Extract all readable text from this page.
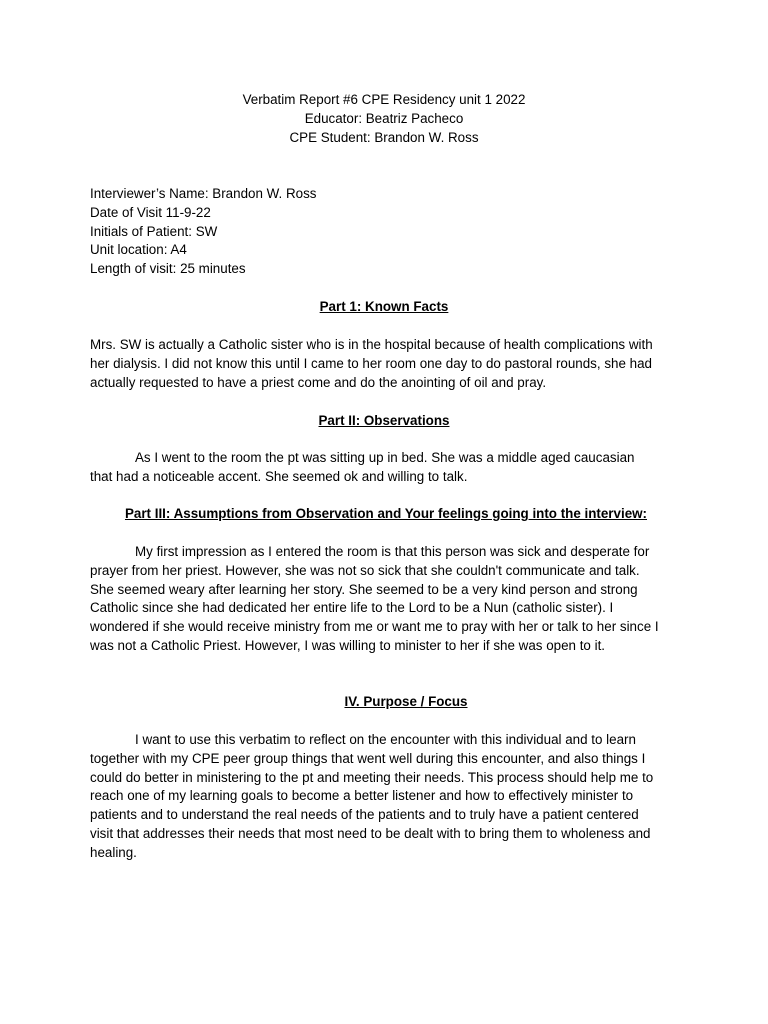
Verbatim Report #6 CPE Residency unit 1 2022
Educator: Beatriz Pacheco
CPE Student: Brandon W. Ross
Interviewer’s Name: Brandon W. Ross
Date of Visit 11-9-22
Initials of Patient: SW
Unit location: A4
Length of visit: 25 minutes
Part 1: Known Facts
Mrs. SW is actually a Catholic sister who is in the hospital because of health complications with
her dialysis. I did not know this until I came to her room one day to do pastoral rounds, she had
actually requested to have a priest come and do the anointing of oil and pray.
Part II: Observations
As I went to the room the pt was sitting up in bed. She was a middle aged caucasian
that had a noticeable accent. She seemed ok and willing to talk.
Part III: Assumptions from Observation and Your feelings going into the interview:
My first impression as I entered the room is that this person was sick and desperate for
prayer from her priest. However, she was not so sick that she couldn't communicate and talk.
She seemed weary after learning her story. She seemed to be a very kind person and strong
Catholic since she had dedicated her entire life to the Lord to be a Nun (catholic sister). I
wondered if she would receive ministry from me or want me to pray with her or talk to her since I
was not a Catholic Priest. However, I was willing to minister to her if she was open to it.
IV. Purpose / Focus
I want to use this verbatim to reflect on the encounter with this individual and to learn
together with my CPE peer group things that went well during this encounter, and also things I
could do better in ministering to the pt and meeting their needs. This process should help me to
reach one of my learning goals to become a better listener and how to effectively minister to
patients and to understand the real needs of the patients and to truly have a patient centered
visit that addresses their needs that most need to be dealt with to bring them to wholeness and
healing.
